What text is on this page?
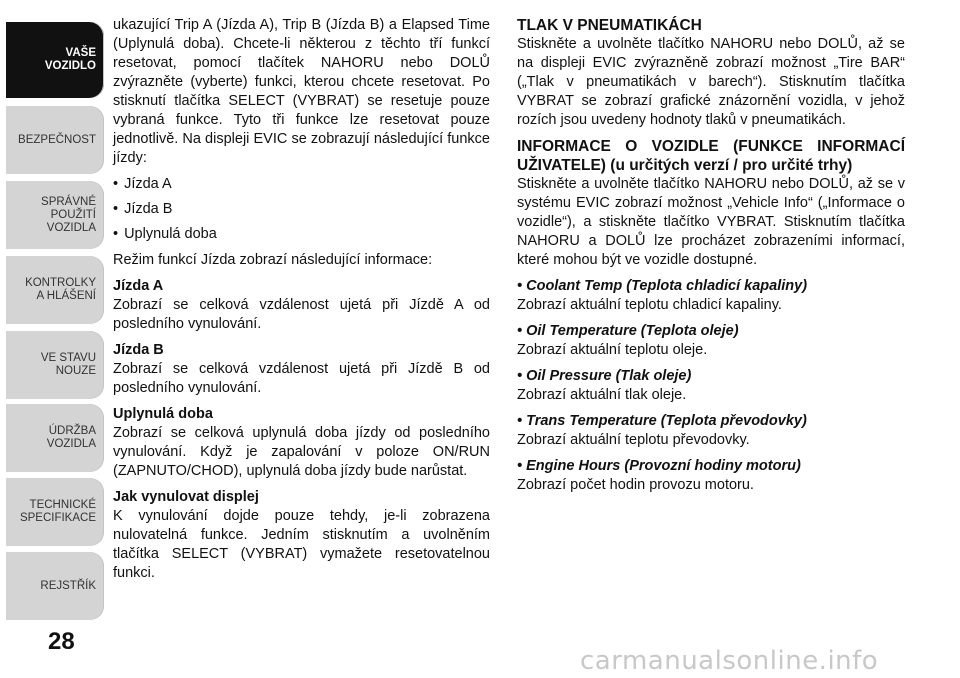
VAŠE
VOZIDLO
BEZPEČNOST
SPRÁVNÉ
POUŽITÍ
VOZIDLA
KONTROLKY
A HLÁŠENÍ
VE STAVU
NOUZE
ÚDRŽBA
VOZIDLA
TECHNICKÉ
SPECIFIKACE
REJSTŘÍK

ukazující Trip A (Jízda A), Trip B (Jízda B) a Elapsed Time (Uplynulá doba). Chcete-li některou z těchto tří funkcí resetovat, pomocí tlačítek NAHORU nebo DOLŮ zvýrazněte (vyberte) funkci, kterou chcete resetovat. Po stisknutí tlačítka SELECT (VYBRAT) se resetuje pouze vybraná funkce. Tyto tři funkce lze resetovat pouze jednotlivě. Na displeji EVIC se zobrazují následující funkce jízdy:

• Jízda A
• Jízda B
• Uplynulá doba

Režim funkcí Jízda zobrazí následující informace:

Jízda A

Zobrazí se celková vzdálenost ujetá při Jízdě A od posledního vynulování.

Jízda B

Zobrazí se celková vzdálenost ujetá při Jízdě B od posledního vynulování.

Uplynulá doba

Zobrazí se celková uplynulá doba jízdy od posledního vynulování. Když je zapalování v poloze ON/RUN (ZAPNUTO/CHOD), uplynulá doba jízdy bude narůstat.

Jak vynulovat displej

K vynulování dojde pouze tehdy, je-li zobrazena nulovatelná funkce. Jedním stisknutím a uvolněním tlačítka SELECT (VYBRAT) vymažete resetovatelnou funkci.

TLAK V PNEUMATIKÁCH

Stiskněte a uvolněte tlačítko NAHORU nebo DOLŮ, až se na displeji EVIC zvýrazněně zobrazí možnost „Tire BAR“ („Tlak v pneumatikách v barech“). Stisknutím tlačítka VYBRAT se zobrazí grafické znázornění vozidla, v jehož rozích jsou uvedeny hodnoty tlaků v pneumatikách.

INFORMACE O VOZIDLE (FUNKCE INFORMACÍ UŽIVATELE) (u určitých verzí / pro určité trhy)

Stiskněte a uvolněte tlačítko NAHORU nebo DOLŮ, až se v systému EVIC zobrazí možnost „Vehicle Info“ („Informace o vozidle“), a stiskněte tlačítko VYBRAT. Stisknutím tlačítka NAHORU a DOLŮ lze procházet zobrazeními informací, které mohou být ve vozidle dostupné.

• Coolant Temp (Teplota chladicí kapaliny)

Zobrazí aktuální teplotu chladicí kapaliny.

• Oil Temperature (Teplota oleje)

Zobrazí aktuální teplotu oleje.

• Oil Pressure (Tlak oleje)

Zobrazí aktuální tlak oleje.

• Trans Temperature (Teplota převodovky)

Zobrazí aktuální teplotu převodovky.

• Engine Hours (Provozní hodiny motoru)

Zobrazí počet hodin provozu motoru.

28
carmanualsonline.info
